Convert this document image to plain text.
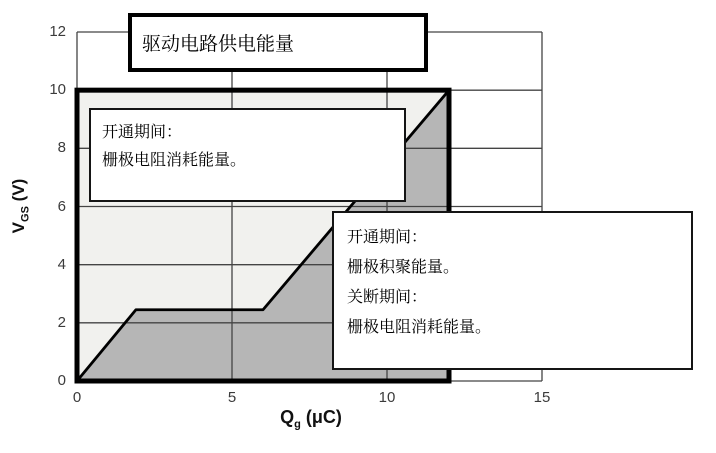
0
2
4
6
8
10
12
0	5	10	15
$V_{GS}$ (V)
$Q_g$ (μC)
驱动电路供电能量
开通期间：
栅极电阻消耗能量。
开通期间：
栅极积聚能量。
关断期间：
栅极电阻消耗能量。
